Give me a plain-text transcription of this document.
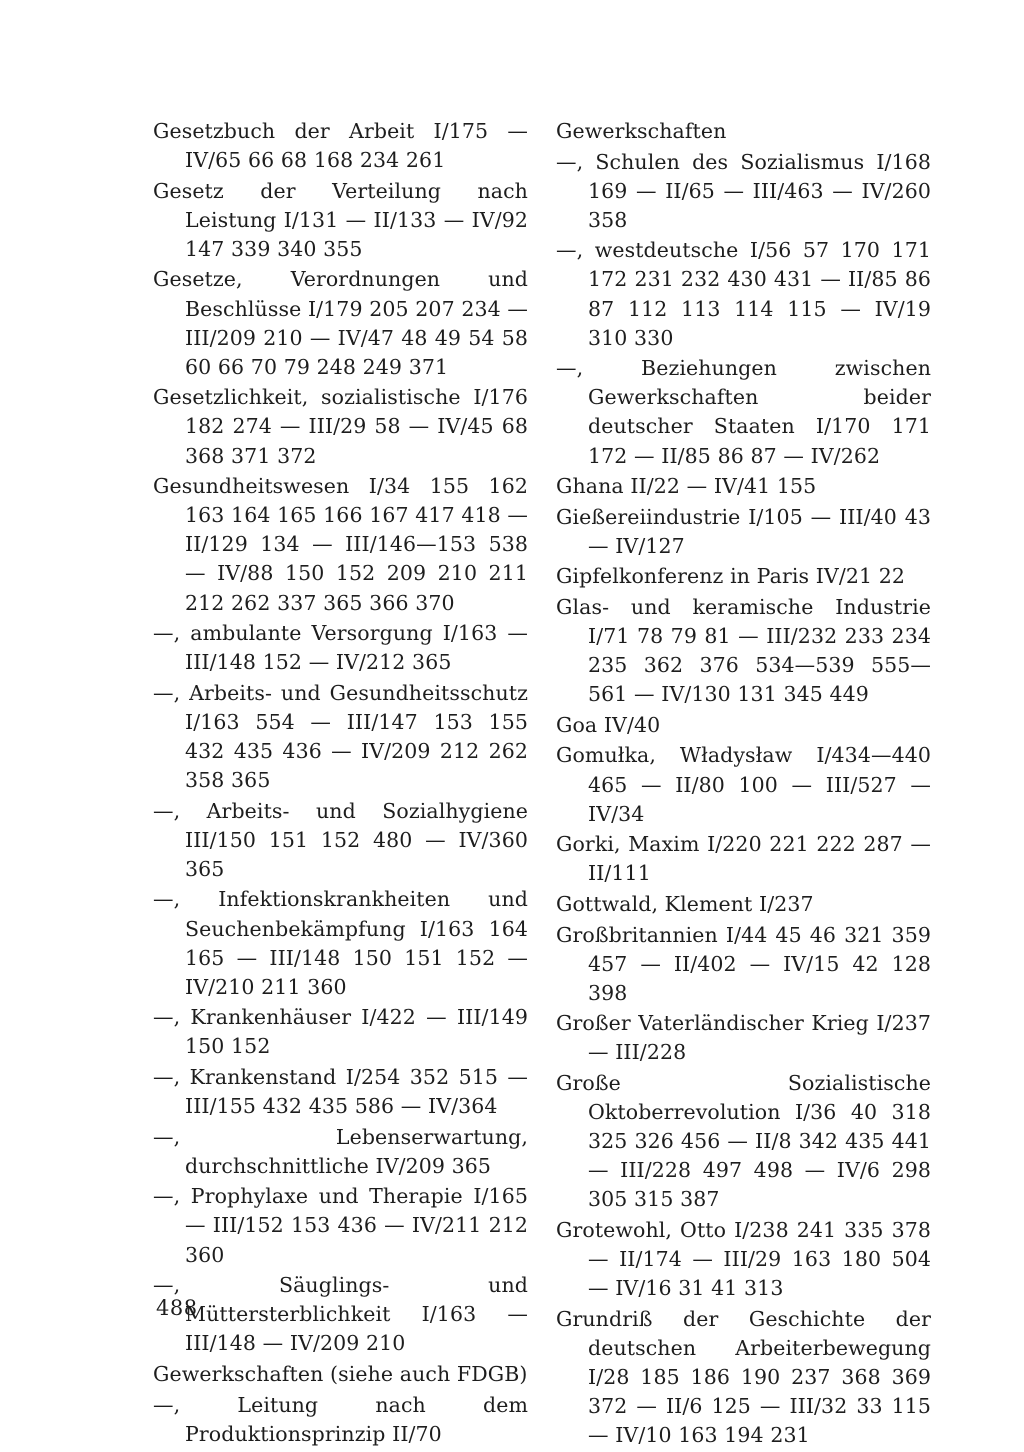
Gesetzbuch der Arbeit I/175 — IV/65 66 68 168 234 261

Gesetz der Verteilung nach Leistung I/131 — II/133 — IV/92 147 339 340 355

Gesetze, Verordnungen und Beschlüsse I/179 205 207 234 — III/209 210 — IV/47 48 49 54 58 60 66 70 79 248 249 371

Gesetzlichkeit, sozialistische I/176 182 274 — III/29 58 — IV/45 68 368 371 372

Gesundheitswesen I/34 155 162 163 164 165 166 167 417 418 — II/129 134 — III/146—153 538 — IV/88 150 152 209 210 211 212 262 337 365 366 370

—, ambulante Versorgung I/163 — III/148 152 — IV/212 365

—, Arbeits- und Gesundheitsschutz I/163 554 — III/147 153 155 432 435 436 — IV/209 212 262 358 365

—, Arbeits- und Sozialhygiene III/150 151 152 480 — IV/360 365

—, Infektionskrankheiten und Seuchenbekämpfung I/163 164 165 — III/148 150 151 152 — IV/210 211 360

—, Krankenhäuser I/422 — III/149 150 152

—, Krankenstand I/254 352 515 — III/155 432 435 586 — IV/364

—, Lebenserwartung, durchschnittliche IV/209 365

—, Prophylaxe und Therapie I/165 — III/152 153 436 — IV/211 212 360

—, Säuglings- und Müttersterblichkeit I/163 — III/148 — IV/209 210

Gewerkschaften (siehe auch FDGB)

—, Leitung nach dem Produktionsprinzip II/70

Gewerkschaften

—, Schulen des Sozialismus I/168 169 — II/65 — III/463 — IV/260 358

—, westdeutsche I/56 57 170 171 172 231 232 430 431 — II/85 86 87 112 113 114 115 — IV/19 310 330

—, Beziehungen zwischen Gewerkschaften beider deutscher Staaten I/170 171 172 — II/85 86 87 — IV/262

Ghana II/22 — IV/41 155

Gießereiindustrie I/105 — III/40 43 — IV/127

Gipfelkonferenz in Paris IV/21 22

Glas- und keramische Industrie I/71 78 79 81 — III/232 233 234 235 362 376 534—539 555—561 — IV/130 131 345 449

Goa IV/40

Gomułka, Władysław I/434—440 465 — II/80 100 — III/527 — IV/34

Gorki, Maxim I/220 221 222 287 — II/111

Gottwald, Klement I/237

Großbritannien I/44 45 46 321 359 457 — II/402 — IV/15 42 128 398

Großer Vaterländischer Krieg I/237 — III/228

Große Sozialistische Oktoberrevolution I/36 40 318 325 326 456 — II/8 342 435 441 — III/228 497 498 — IV/6 298 305 315 387

Grotewohl, Otto I/238 241 335 378 — II/174 — III/29 163 180 504 — IV/16 31 41 313

Grundriß der Geschichte der deutschen Arbeiterbewegung I/28 185 186 190 237 368 369 372 — II/6 125 — III/32 33 115 — IV/10 163 194 231

488
